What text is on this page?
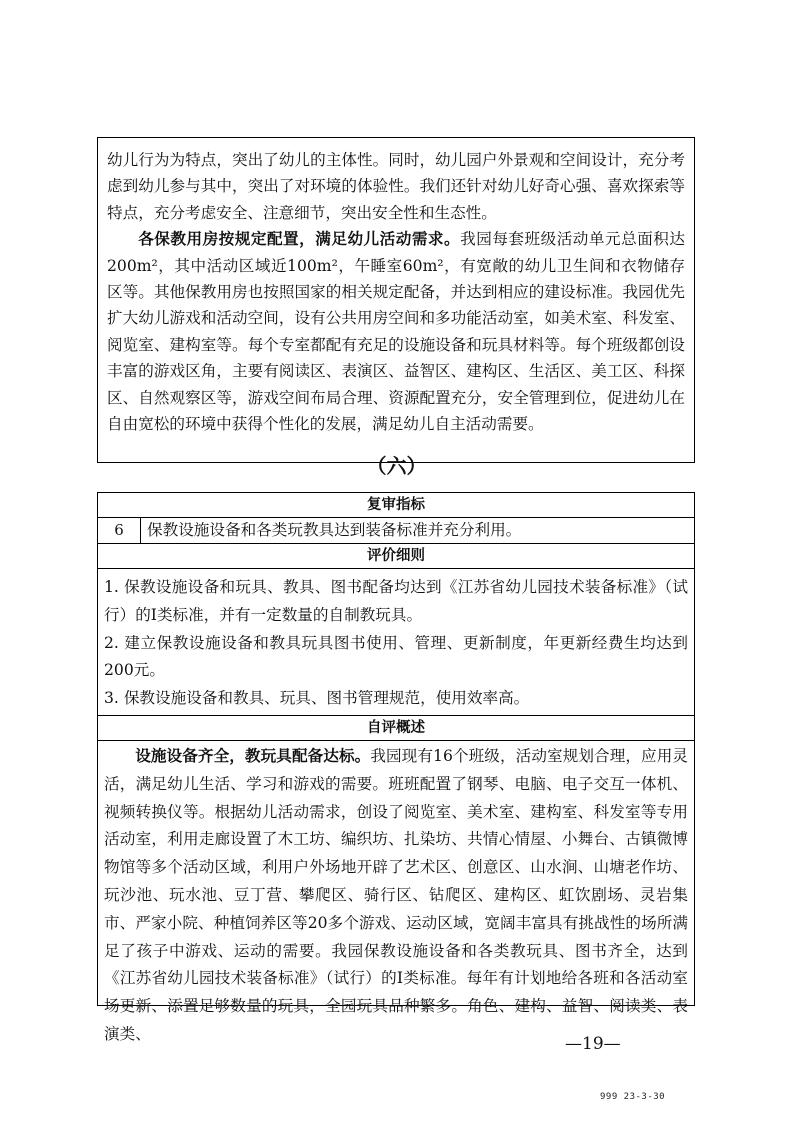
幼儿行为为特点，突出了幼儿的主体性。同时，幼儿园户外景观和空间设计，充分考虑到幼儿参与其中，突出了对环境的体验性。我们还针对幼儿好奇心强、喜欢探索等特点，充分考虑安全、注意细节，突出安全性和生态性。

各保教用房按规定配置，满足幼儿活动需求。我园每套班级活动单元总面积达200m²，其中活动区域近100m²，午睡室60m²，有宽敞的幼儿卫生间和衣物储存区等。其他保教用房也按照国家的相关规定配备，并达到相应的建设标准。我园优先扩大幼儿游戏和活动空间，设有公共用房空间和多功能活动室，如美术室、科发室、阅览室、建构室等。每个专室都配有充足的设施设备和玩具材料等。每个班级都创设丰富的游戏区角，主要有阅读区、表演区、益智区、建构区、生活区、美工区、科探区、自然观察区等，游戏空间布局合理、资源配置充分，安全管理到位，促进幼儿在自由宽松的环境中获得个性化的发展，满足幼儿自主活动需要。

（六）
复审指标
6	保教设施设备和各类玩教具达到装备标准并充分利用。
评价细则

1. 保教设施设备和玩具、教具、图书配备均达到《江苏省幼儿园技术装备标准》（试行）的Ⅰ类标准，并有一定数量的自制教玩具。

2. 建立保教设施设备和教具玩具图书使用、管理、更新制度，年更新经费生均达到200元。

3. 保教设施设备和教具、玩具、图书管理规范，使用效率高。

自评概述

设施设备齐全，教玩具配备达标。我园现有16个班级，活动室规划合理，应用灵活，满足幼儿生活、学习和游戏的需要。班班配置了钢琴、电脑、电子交互一体机、视频转换仪等。根据幼儿活动需求，创设了阅览室、美术室、建构室、科发室等专用活动室，利用走廊设置了木工坊、编织坊、扎染坊、共情心情屋、小舞台、古镇微博物馆等多个活动区域，利用户外场地开辟了艺术区、创意区、山水涧、山塘老作坊、玩沙池、玩水池、豆丁营、攀爬区、骑行区、钻爬区、建构区、虹饮剧场、灵岩集市、严家小院、种植饲养区等20多个游戏、运动区域，宽阔丰富具有挑战性的场所满足了孩子中游戏、运动的需要。我园保教设施设备和各类教玩具、图书齐全，达到《江苏省幼儿园技术装备标准》（试行）的Ⅰ类标准。每年有计划地给各班和各活动室场更新、添置足够数量的玩具，全园玩具品种繁多。角色、建构、益智、阅读类、表演类、

—19—
999 23-3-30
